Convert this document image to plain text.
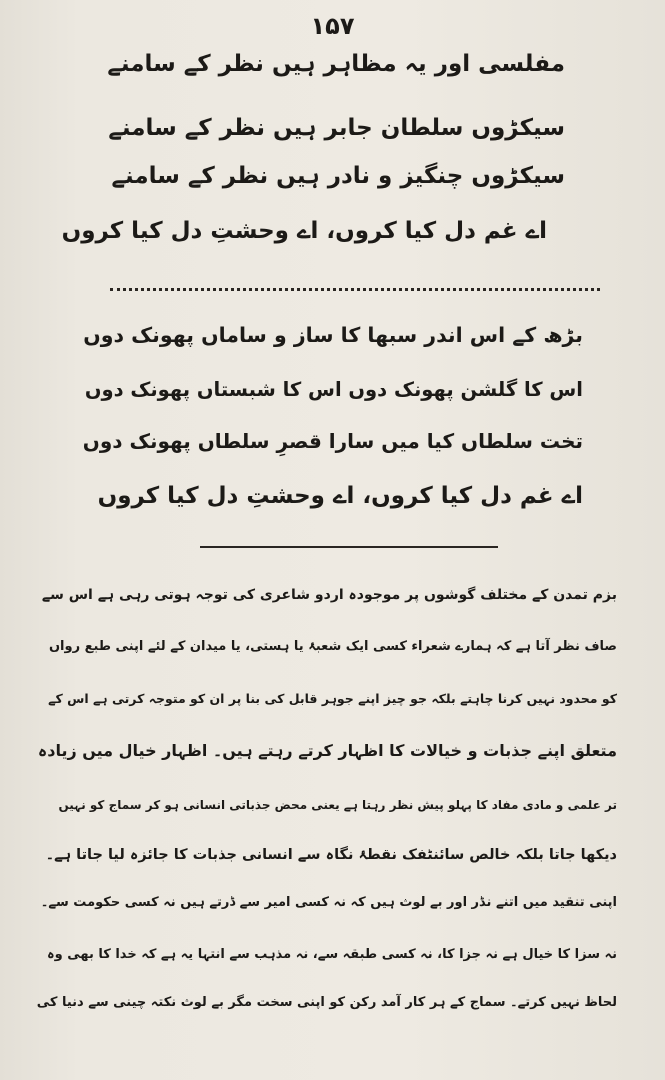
۱۵۷
مفلسی اور یہ مظاہر ہیں نظر کے سامنے
سیکڑوں سلطان جابر ہیں نظر کے سامنے
سیکڑوں چنگیز و نادر ہیں نظر کے سامنے
اے غم دل کیا کروں، اے وحشتِ دل کیا کروں
بڑھ کے اس اندر سبھا کا ساز و ساماں پھونک دوں
اس کا گلشن پھونک دوں اس کا شبستاں پھونک دوں
تخت سلطاں کیا میں سارا قصرِ سلطاں پھونک دوں
اے غم دل کیا کروں، اے وحشتِ دل کیا کروں
بزم تمدن کے مختلف گوشوں پر موجودہ اردو شاعری کی توجہ ہوتی رہی ہے اس سے
صاف نظر آتا ہے کہ ہمارے شعراء کسی ایک شعبۂ یا ہستی، یا میدان کے لئے اپنی طبع رواں
کو محدود نہیں کرنا چاہتے بلکہ جو چیز اپنے جوہر قابل کی بنا پر ان کو متوجہ کرتی ہے اس کے
متعلق اپنے جذبات و خیالات کا اظہار کرتے رہتے ہیں۔ اظہار خیال میں زیادہ
تر علمی و مادی مفاد کا پہلو پیش نظر رہتا ہے یعنی محض جذباتی انسانی ہو کر سماج کو نہیں
دیکھا جاتا بلکہ خالص سائنٹفک نقطۂ نگاہ سے انسانی جذبات کا جائزہ لیا جاتا ہے۔
اپنی تنقید میں اتنے نڈر اور بے لوث ہیں کہ نہ کسی امیر سے ڈرتے ہیں نہ کسی حکومت سے۔
نہ سزا کا خیال ہے نہ جزا کا، نہ کسی طبقہ سے، نہ مذہب سے انتہا یہ ہے کہ خدا کا بھی وہ
لحاظ نہیں کرتے۔ سماج کے ہر کار آمد رکن کو اپنی سخت مگر بے لوث نکتہ چینی سے دنیا کی
